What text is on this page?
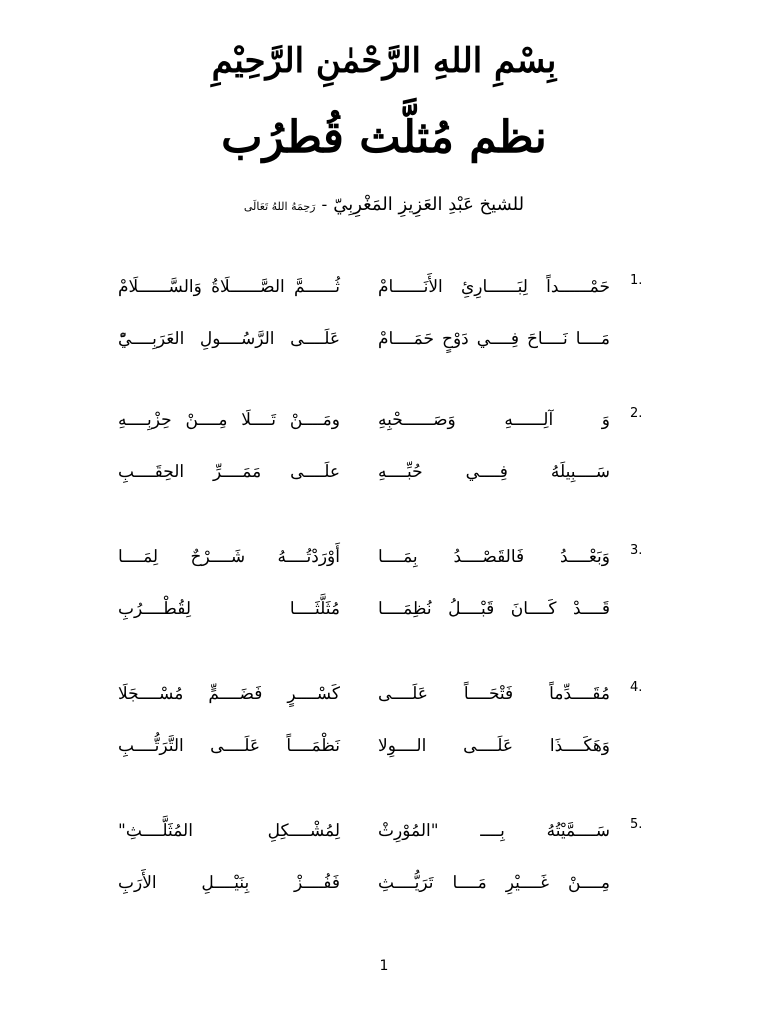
بِسْمِ اللهِ الرَّحْمٰنِ الرَّحِيْمِ
نظم مُثلَّث قُطرُب
للشيخ عَبْدِ العَزِيزِ المَغْرِبِيّ-رَحِمَهُ اللهُ تَعَالَى
1.
حَمْــــــداً لِبَــــــارِئِ الأَنَــــــامْ
ثُــــــمَّ الصَّــــــلَاةُ وَالسَّــــــلَامْ
مَــــا نَــــاحَ فِــــي دَوْحٍ حَمَــــامْ
عَلَــــى الرَّسُــــولِ العَرَبِــــيّْ
2.
وَ آلِــــــهِ وَصَــــــحْبِهِ
ومَــــنْ تَــــلَا مِــــنْ حِزْبِــــهِ
سَــــبِيلَهُ فِــــي حُبِّــــهِ
علَــــى مَمَــــرِّ الحِقَــــبِ
3.
وَبَعْــــدُ فَالقَصْــــدُ بِمَــــا
أَوْرَدْتُــــهُ شَــــرْحٌ لِمَــــا
قَــــدْ كَــــانَ قَبْــــلُ نُظِمَــــا
مُثَلَّثَــــا لِقُطْــــرُبِ
4.
مُقَــــدِّماً فَتْحَــــاً عَلَــــى
كَسْــــرٍ فَضَــــمٍّ مُسْــــجَلَا
وَهَكَــــذَا عَلَــــى الــــوِلا
نَظْمَــــاً عَلَــــى التَّرَتُّــــبِ
5.
سَــــمَّيْتُهُ بِــــ "المُوْرِثْ
لِمُشْــــكِلِ المُثَلَّــــثِ"
مِــــنْ غَــــيْرِ مَــــا تَرَيُّــــثِ
فَفُــــزْ بِنَيْــــلِ الأَرَبِ
1
